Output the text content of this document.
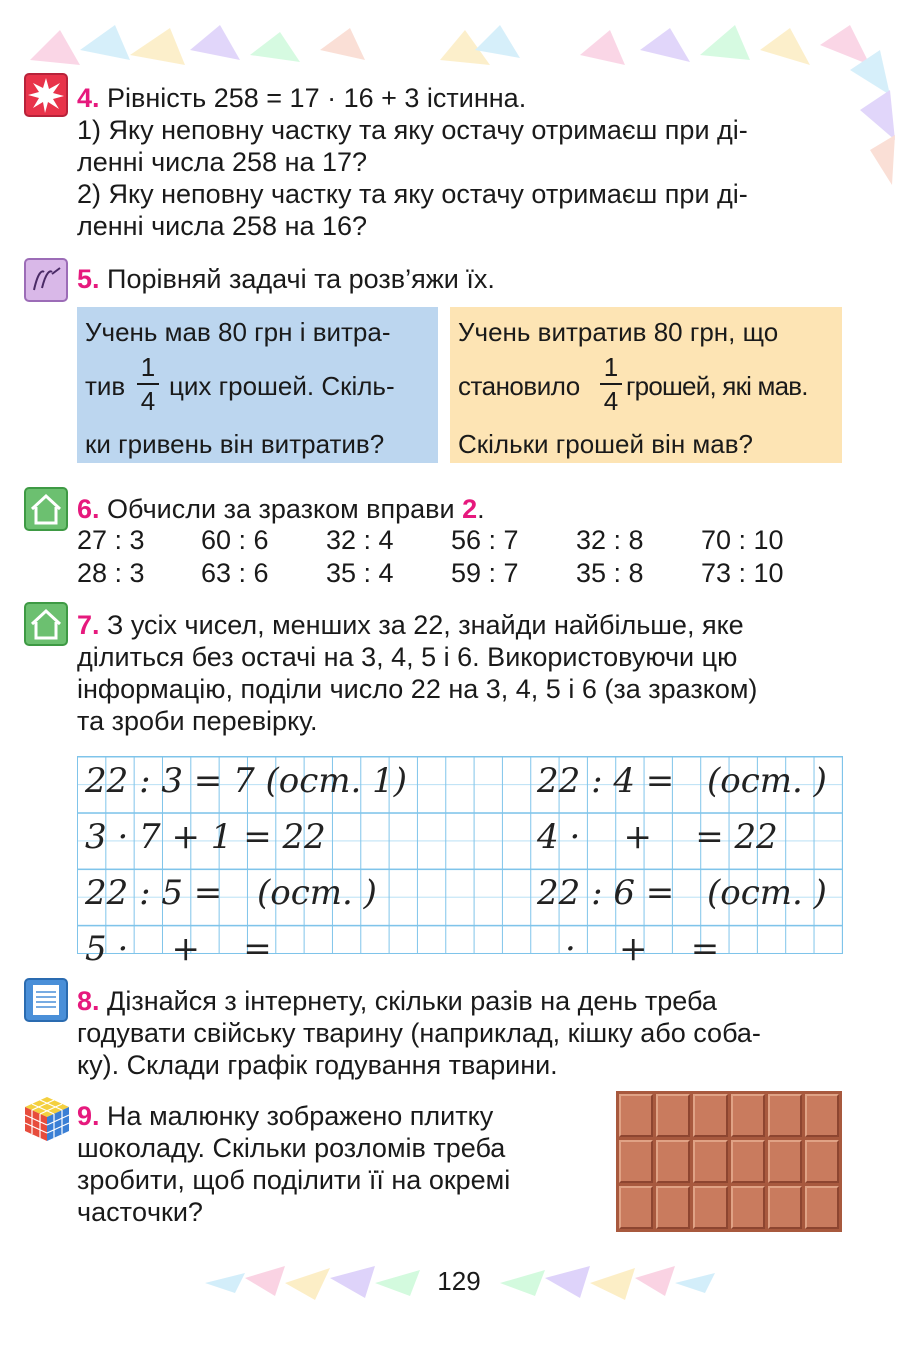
4. Рівність 258 = 17 · 16 + 3 істинна.
1) Яку неповну частку та яку остачу отримаєш при ді-
ленні числа 258 на 17?
2) Яку неповну частку та яку остачу отримаєш при ді-
ленні числа 258 на 16?
5. Порівняй задачі та розв’яжи їх.
Учень мав 80 грн і витра-
тив
1
4 цих грошей. Скіль-
ки гривень він витратив?
Учень витратив 80 грн, що
становило
1
4 грошей, які мав.
Скільки грошей він мав?
6. Обчисли за зразком вправи 2.
27 : 3 60 : 6 32 : 4 56 : 7 32 : 8 70 : 10
28 : 3 63 : 6 35 : 4 59 : 7 35 : 8 73 : 10
7. З усіх чисел, менших за 22, знайди найбільше, яке
ділиться без остачі на 3, 4, 5 і 6. Використовуючи цю
інформацію, поділи число 22 на 3, 4, 5 і 6 (за зразком)
та зроби перевірку.
22 : 3 = 7 (ост. 1)
3 · 7 + 1 = 22
22 : 5 = (ост. )
5 ·    +    =
22 : 4 = (ост. )
4 ·    +    = 22
22 : 6 = (ост. )
·    +    =
8. Дізнайся з інтернету, скільки разів на день треба
годувати свійську тварину (наприклад, кішку або соба-
ку). Склади графік годування тварини.
9. На малюнку зображено плитку
шоколаду. Скільки розломів треба
зробити, щоб поділити її на окремі
частoчки?
129
